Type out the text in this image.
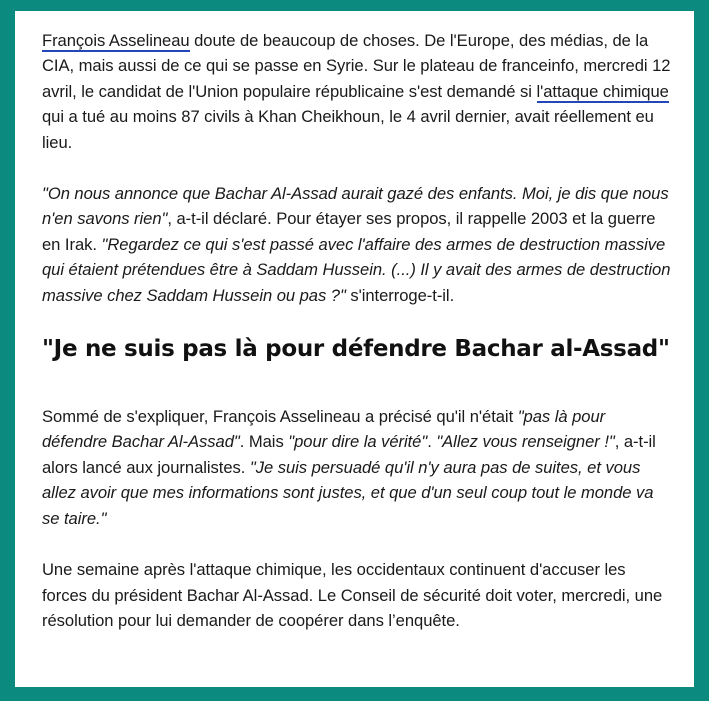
François Asselineau doute de beaucoup de choses. De l'Europe, des médias, de la CIA, mais aussi de ce qui se passe en Syrie. Sur le plateau de franceinfo, mercredi 12 avril, le candidat de l'Union populaire républicaine s'est demandé si l'attaque chimique qui a tué au moins 87 civils à Khan Cheikhoun, le 4 avril dernier, avait réellement eu lieu.

"On nous annonce que Bachar Al-Assad aurait gazé des enfants. Moi, je dis que nous n'en savons rien", a-t-il déclaré. Pour étayer ses propos, il rappelle 2003 et la guerre en Irak. "Regardez ce qui s'est passé avec l'affaire des armes de destruction massive qui étaient prétendues être à Saddam Hussein. (...) Il y avait des armes de destruction massive chez Saddam Hussein ou pas ?" s'interroge-t-il.

"Je ne suis pas là pour défendre Bachar al-Assad"

Sommé de s'expliquer, François Asselineau a précisé qu'il n'était "pas là pour défendre Bachar Al-Assad". Mais "pour dire la vérité". "Allez vous renseigner !", a-t-il alors lancé aux journalistes. "Je suis persuadé qu'il n'y aura pas de suites, et vous allez avoir que mes informations sont justes, et que d'un seul coup tout le monde va se taire."

Une semaine après l'attaque chimique, les occidentaux continuent d'accuser les forces du président Bachar Al-Assad. Le Conseil de sécurité doit voter, mercredi, une résolution pour lui demander de coopérer dans l’enquête.
